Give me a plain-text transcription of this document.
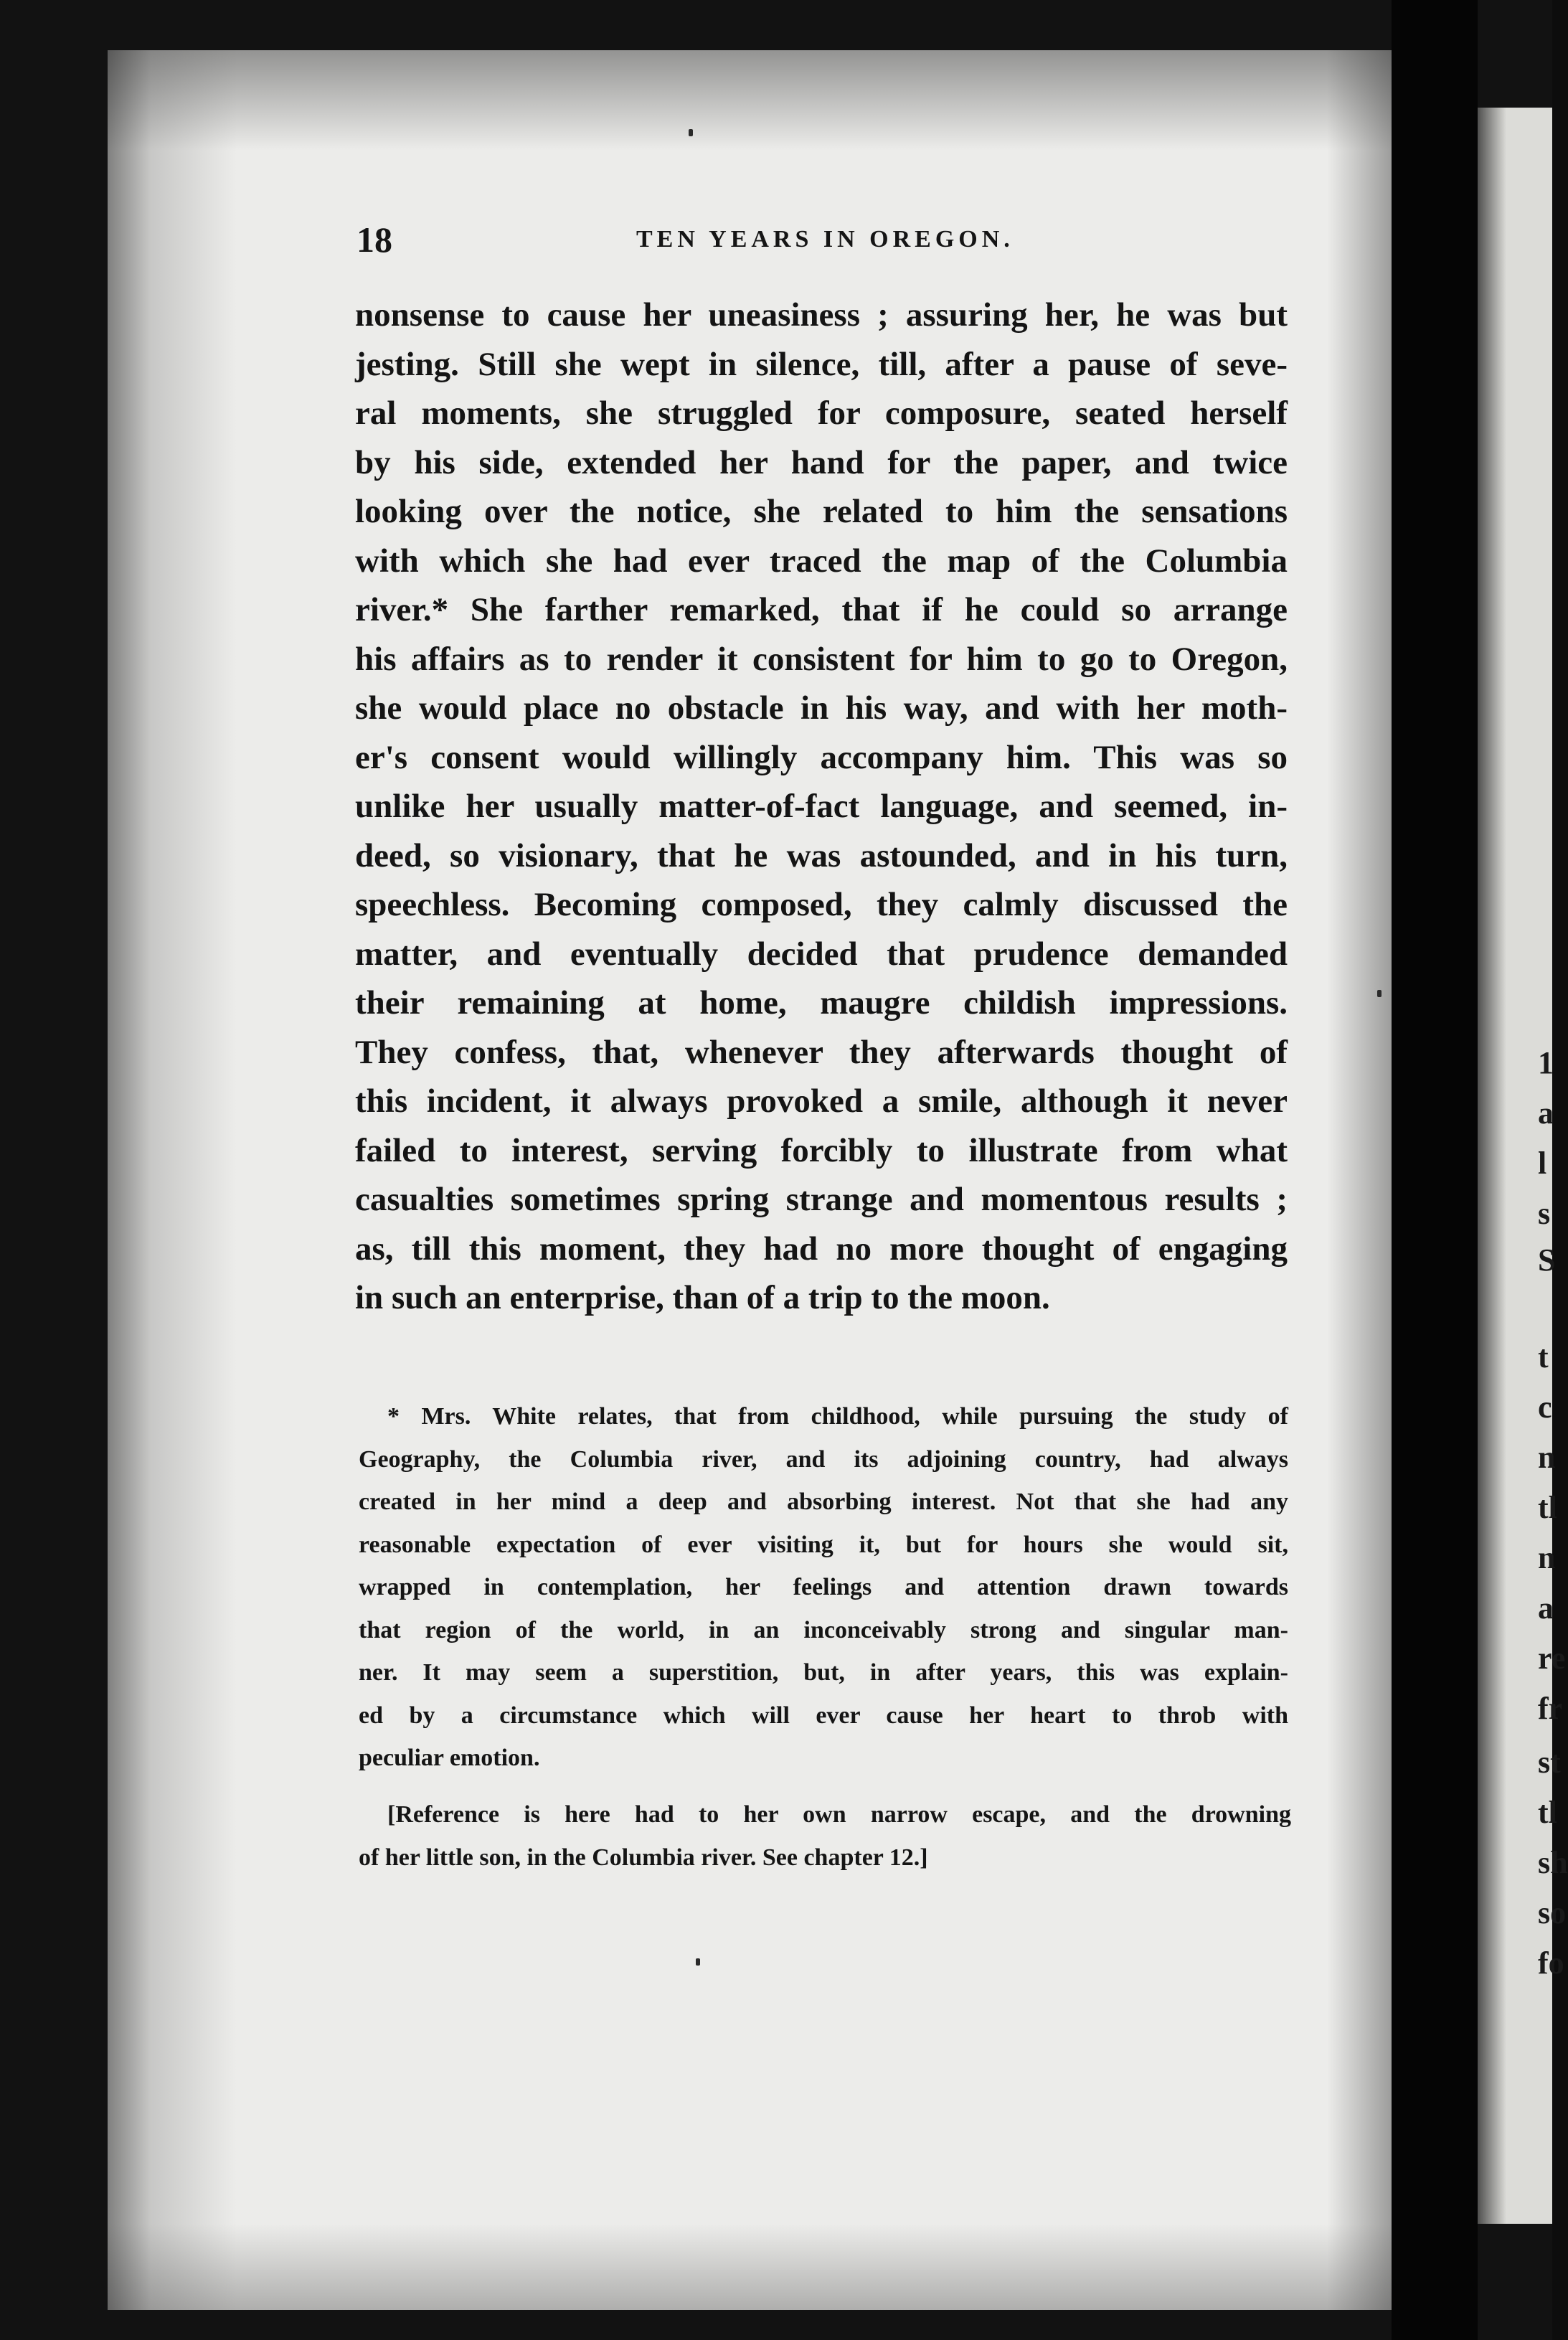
1
a
l
s
S
t
c
n
tl
n
a
re
fr
st
tl
sh
so
fo
18	TEN YEARS IN OREGON.
nonsense to cause her uneasiness ; assuring her, he was but
jesting. Still she wept in silence, till, after a pause of seve-
ral moments, she struggled for composure, seated herself
by his side, extended her hand for the paper, and twice
looking over the notice, she related to him the sensations
with which she had ever traced the map of the Columbia
river.* She farther remarked, that if he could so arrange
his affairs as to render it consistent for him to go to Oregon,
she would place no obstacle in his way, and with her moth-
er's consent would willingly accompany him. This was so
unlike her usually matter-of-fact language, and seemed, in-
deed, so visionary, that he was astounded, and in his turn,
speechless. Becoming composed, they calmly discussed the
matter, and eventually decided that prudence demanded
their remaining at home, maugre childish impressions.
They confess, that, whenever they afterwards thought of
this incident, it always provoked a smile, although it never
failed to interest, serving forcibly to illustrate from what
casualties sometimes spring strange and momentous results ;
as, till this moment, they had no more thought of engaging
in such an enterprise, than of a trip to the moon.
* Mrs. White relates, that from childhood, while pursuing the study of
Geography, the Columbia river, and its adjoining country, had always
created in her mind a deep and absorbing interest. Not that she had any
reasonable expectation of ever visiting it, but for hours she would sit,
wrapped in contemplation, her feelings and attention drawn towards
that region of the world, in an inconceivably strong and singular man-
ner. It may seem a superstition, but, in after years, this was explain-
ed by a circumstance which will ever cause her heart to throb with
peculiar emotion.
[Reference is here had to her own narrow escape, and the drowning
of her little son, in the Columbia river. See chapter 12.]
